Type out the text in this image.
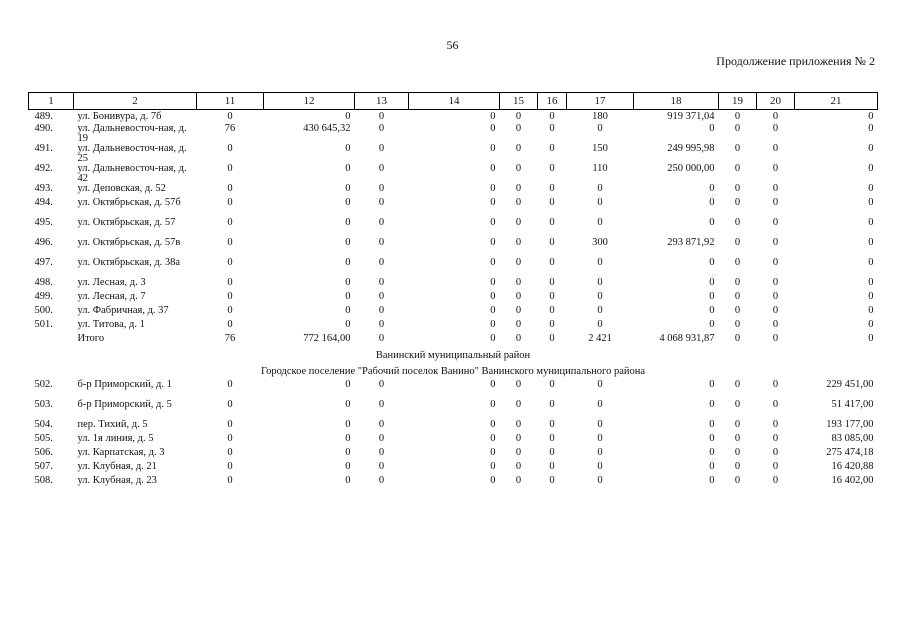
56
Продолжение приложения № 2
1	2	11	12	13	14	15	16	17	18	19	20	21
489.	ул. Бонивура, д. 7б	0	0	0	0	0	0	180	919 371,04	0	0	0
490.	ул. Дальневосточ-ная, д. 19	76	430 645,32	0	0	0	0	0	0	0	0	0
491.	ул. Дальневосточ-ная, д. 25	0	0	0	0	0	0	150	249 995,98	0	0	0
492.	ул. Дальневосточ-ная, д. 42	0	0	0	0	0	0	110	250 000,00	0	0	0
493.	ул. Деповская, д. 52	0	0	0	0	0	0	0	0	0	0	0
494.	ул. Октябрьская, д. 57б	0	0	0	0	0	0	0	0	0	0	0
495.	ул. Октябрьская, д. 57	0	0	0	0	0	0	0	0	0	0	0
496.	ул. Октябрьская, д. 57в	0	0	0	0	0	0	300	293 871,92	0	0	0
497.	ул. Октябрьская, д. 38а	0	0	0	0	0	0	0	0	0	0	0
498.	ул. Лесная, д. 3	0	0	0	0	0	0	0	0	0	0	0
499.	ул. Лесная, д. 7	0	0	0	0	0	0	0	0	0	0	0
500.	ул. Фабричная, д. 37	0	0	0	0	0	0	0	0	0	0	0
501.	ул. Титова, д. 1	0	0	0	0	0	0	0	0	0	0	0
	Итого	76	772 164,00	0	0	0	0	2 421	4 068 931,87	0	0	0
Ванинский муниципальный район												
Городское поселение "Рабочий поселок Ванино" Ванинского муниципального района												
502.	б-р Приморский, д. 1	0	0	0	0	0	0	0	0	0	0	229 451,00
503.	б-р Приморский, д. 5	0	0	0	0	0	0	0	0	0	0	51 417,00
504.	пер. Тихий, д. 5	0	0	0	0	0	0	0	0	0	0	193 177,00
505.	ул. 1я линия, д. 5	0	0	0	0	0	0	0	0	0	0	83 085,00
506.	ул. Карпатская, д. 3	0	0	0	0	0	0	0	0	0	0	275 474,18
507.	ул. Клубная, д. 21	0	0	0	0	0	0	0	0	0	0	16 420,88
508.	ул. Клубная, д. 23	0	0	0	0	0	0	0	0	0	0	16 402,00
